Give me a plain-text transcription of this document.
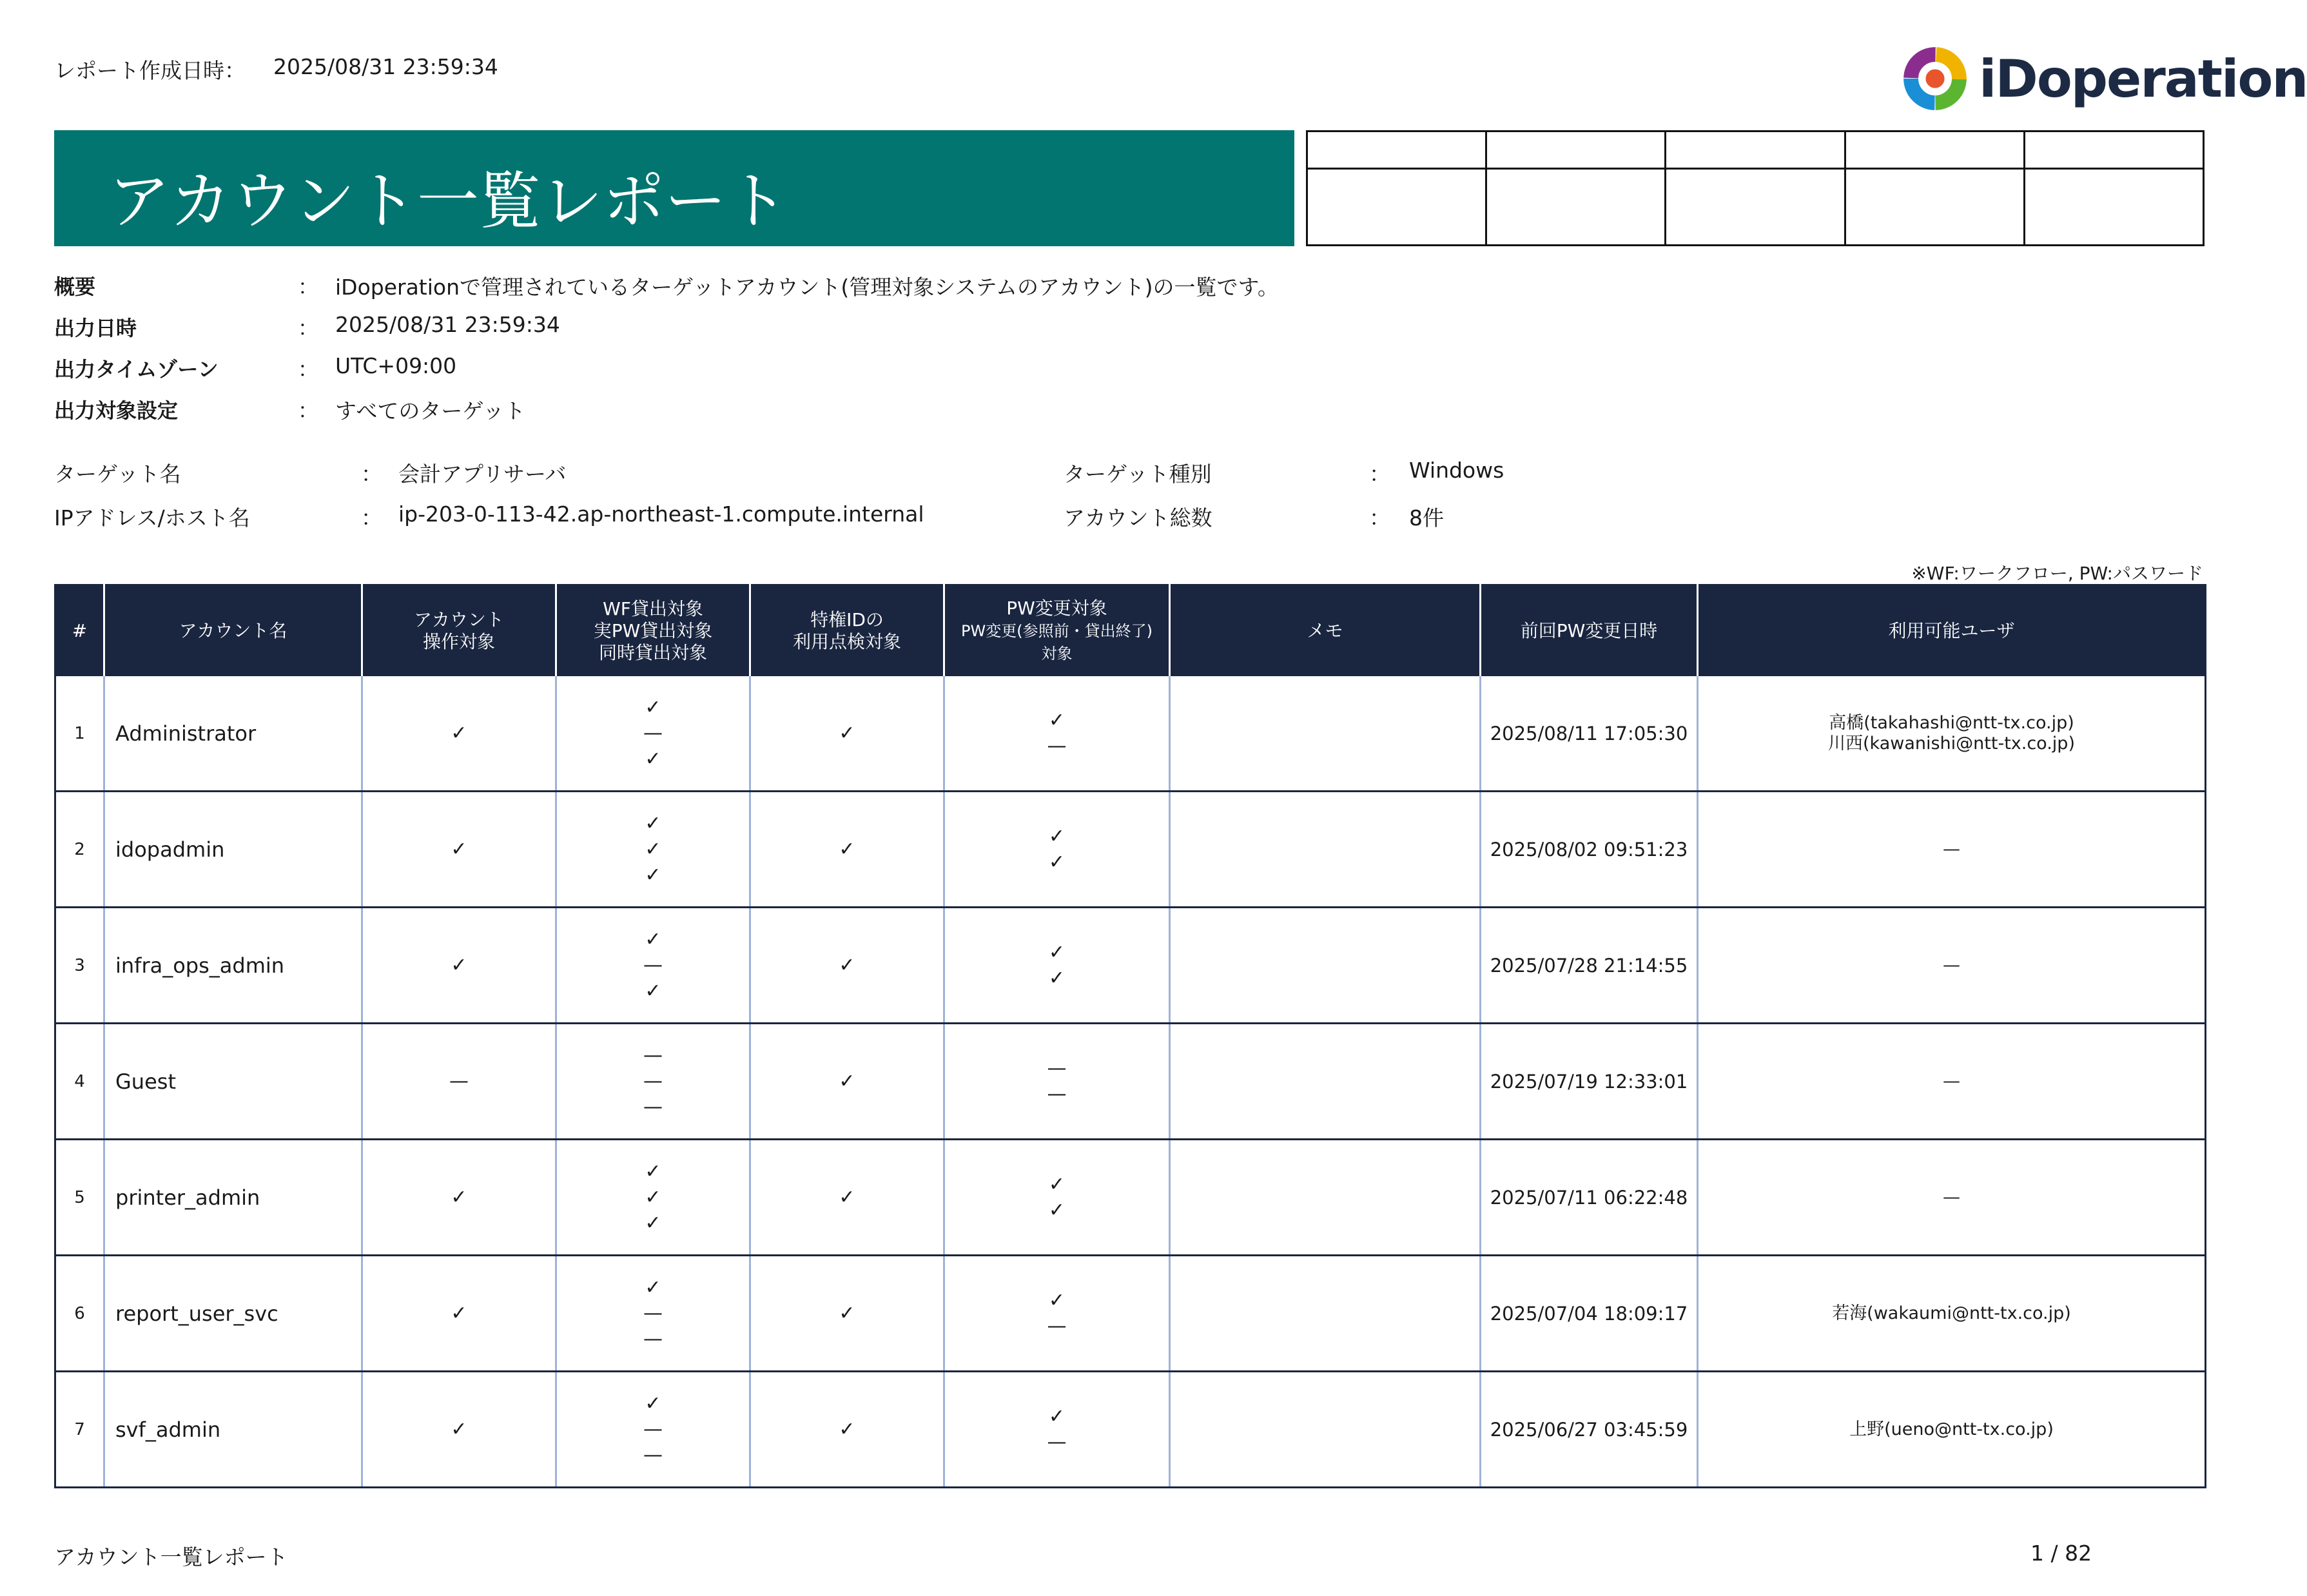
レポート作成日時： 2025/08/31 23:59:34	iDoperation
アカウント一覧レポート

概要	： iDoperationで管理されているターゲットアカウント(管理対象システムのアカウント)の一覧です。
出力日時	： 2025/08/31 23:59:34
出力タイムゾーン	： UTC+09:00
出力対象設定	： すべてのターゲット
ターゲット名	： 会計アプリサーバ
IPアドレス/ホスト名	： ip-203-0-113-42.ap-northeast-1.compute.internal
ターゲット種別	： Windows
アカウント総数	： 8件
※WF:ワークフロー, PW:パスワード
#	アカウント名	アカウント
操作対象	WF貸出対象
実PW貸出対象
同時貸出対象	特権IDの
利用点検対象	PW変更対象
PW変更(参照前・貸出終了)
対象	メモ	前回PW変更日時	利用可能ユーザ
1	Administrator	✓	✓
—
✓	✓	✓
—		2025/08/11 17:05:30	高橋(takahashi@ntt-tx.co.jp)
川西(kawanishi@ntt-tx.co.jp)

2	idopadmin	✓	✓
✓
✓	✓	✓
✓		2025/08/02 09:51:23	—

3	infra_ops_admin	✓	✓
—
✓	✓	✓
✓		2025/07/28 21:14:55	—

4	Guest	—	—
—
—	✓	—
—		2025/07/19 12:33:01	—

5	printer_admin	✓	✓
✓
✓	✓	✓
✓		2025/07/11 06:22:48	—

6	report_user_svc	✓	✓
—
—	✓	✓
—		2025/07/04 18:09:17	若海(wakaumi@ntt-tx.co.jp)

7	svf_admin	✓	✓
—
—	✓	✓
—		2025/06/27 03:45:59	上野(ueno@ntt-tx.co.jp)
アカウント一覧レポート	1 / 82
